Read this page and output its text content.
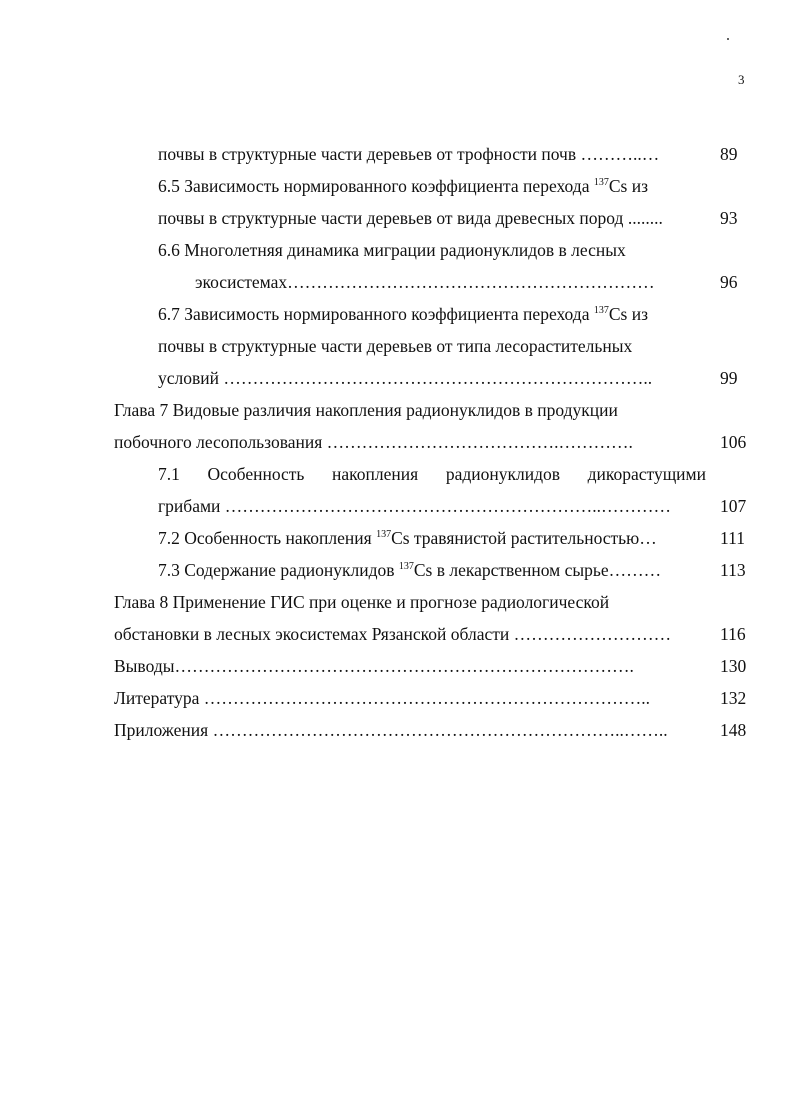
3
почвы в структурные части деревьев от трофности почв ………..…	89
6.5 Зависимость нормированного коэффициента перехода $^{137}$Cs из
почвы в структурные части деревьев от вида древесных пород ........	93
6.6 Многолетняя динамика миграции радионуклидов в лесных
экосистемах………………………………………………………	96
6.7 Зависимость нормированного коэффициента перехода $^{137}$Cs из
почвы в структурные части деревьев от типа лесорастительных
условий ………………………………………………………………..	99
Глава 7 Видовые различия накопления радионуклидов в продукции
побочного лесопользования ………………………………….………….	106
7.1 Особенность накопления радионуклидов дикорастущими
грибами ………………………………………………………..…………	107
7.2 Особенность накопления $^{137}$Cs травянистой растительностью…	111
7.3 Содержание радионуклидов $^{137}$Cs в лекарственном сырье………	113
Глава 8 Применение ГИС при оценке и прогнозе радиологической
обстановки в лесных экосистемах Рязанской области ………………………	116
Выводы…………………………………………………………………….	130
Литература …………………………………………………………………..	132
Приложения ……………………………………………………………..……..	148
